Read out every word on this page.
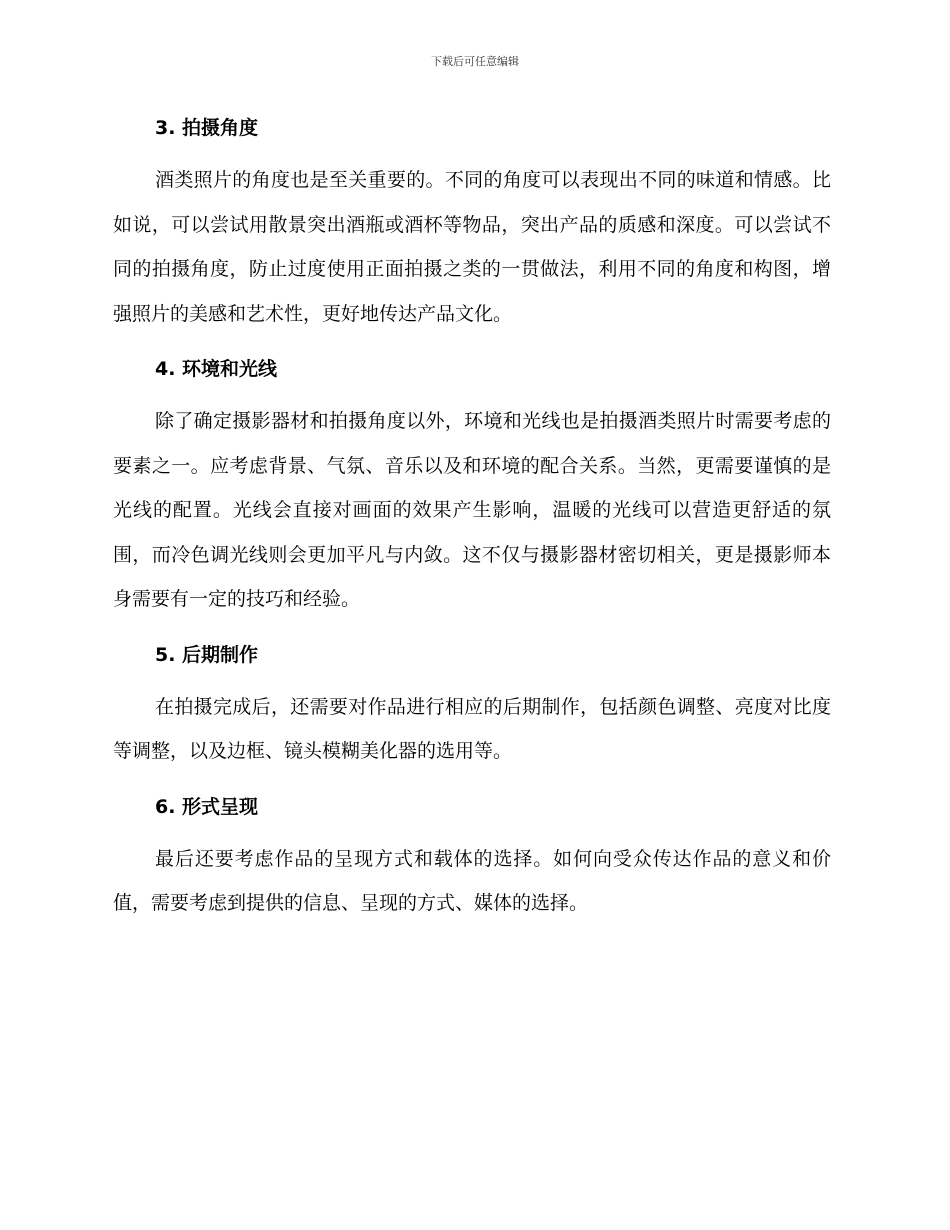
下载后可任意编辑
3. 拍摄角度

酒类照片的角度也是至关重要的。不同的角度可以表现出不同的味道和情感。比如说，可以尝试用散景突出酒瓶或酒杯等物品，突出产品的质感和深度。可以尝试不同的拍摄角度，防止过度使用正面拍摄之类的一贯做法，利用不同的角度和构图，增强照片的美感和艺术性，更好地传达产品文化。

4. 环境和光线

除了确定摄影器材和拍摄角度以外，环境和光线也是拍摄酒类照片时需要考虑的要素之一。应考虑背景、气氛、音乐以及和环境的配合关系。当然，更需要谨慎的是光线的配置。光线会直接对画面的效果产生影响，温暖的光线可以营造更舒适的氛围，而冷色调光线则会更加平凡与内敛。这不仅与摄影器材密切相关，更是摄影师本身需要有一定的技巧和经验。

5. 后期制作

在拍摄完成后，还需要对作品进行相应的后期制作，包括颜色调整、亮度对比度等调整，以及边框、镜头模糊美化器的选用等。

6. 形式呈现

最后还要考虑作品的呈现方式和载体的选择。如何向受众传达作品的意义和价值，需要考虑到提供的信息、呈现的方式、媒体的选择。
